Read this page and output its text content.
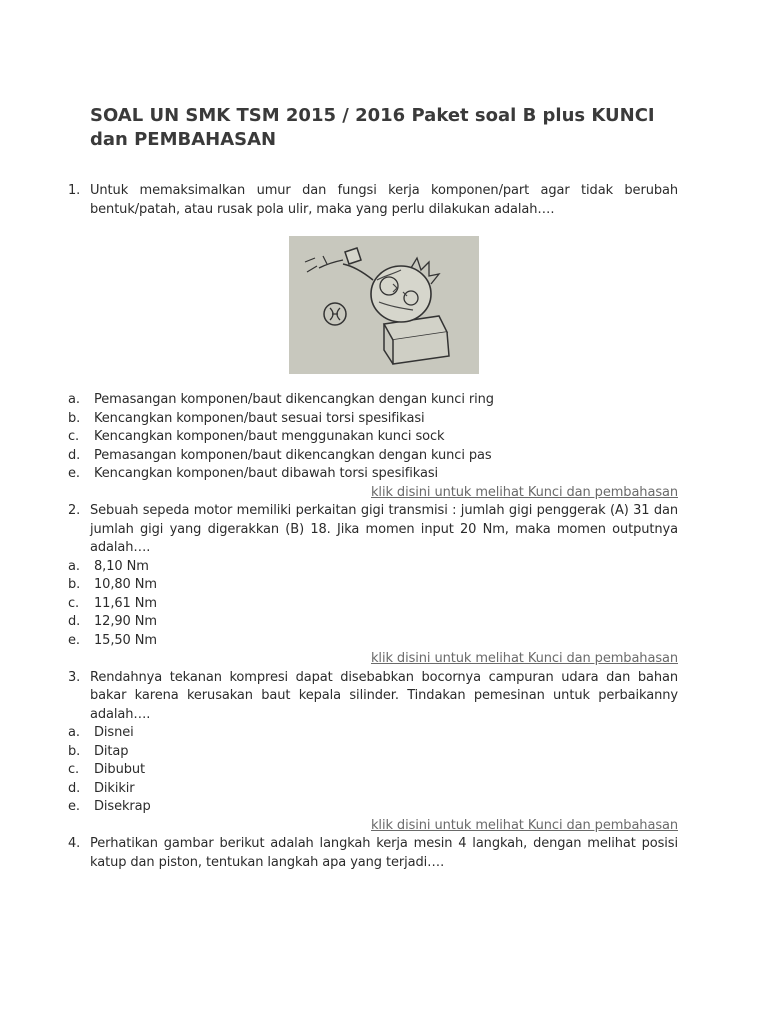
SOAL UN SMK TSM 2015 / 2016 Paket soal B plus KUNCI dan PEMBAHASAN
1. Untuk memaksimalkan umur dan fungsi kerja komponen/part agar tidak berubah bentuk/patah, atau rusak pola ulir, maka yang perlu dilakukan adalah….
a.	Pemasangan komponen/baut dikencangkan dengan kunci ring
b.	Kencangkan komponen/baut sesuai torsi spesifikasi
c.	Kencangkan komponen/baut menggunakan kunci sock
d.	Pemasangan komponen/baut dikencangkan dengan kunci pas
e.	Kencangkan komponen/baut dibawah torsi spesifikasi
klik disini untuk melihat Kunci dan pembahasan
2. Sebuah sepeda motor memiliki perkaitan gigi transmisi : jumlah gigi penggerak (A) 31 dan jumlah gigi yang digerakkan (B) 18. Jika momen input 20 Nm, maka momen outputnya adalah….
a.	8,10 Nm
b.	10,80 Nm
c.	11,61 Nm
d.	12,90 Nm
e.	15,50 Nm
klik disini untuk melihat Kunci dan pembahasan
3. Rendahnya tekanan kompresi dapat disebabkan bocornya campuran udara dan bahan bakar karena kerusakan baut kepala silinder. Tindakan pemesinan untuk perbaikanny adalah….
a.	Disnei
b.	Ditap
c.	Dibubut
d.	Dikikir
e.	Disekrap
klik disini untuk melihat Kunci dan pembahasan
4. Perhatikan gambar berikut adalah langkah kerja mesin 4 langkah, dengan melihat posisi katup dan piston, tentukan langkah apa yang terjadi….
